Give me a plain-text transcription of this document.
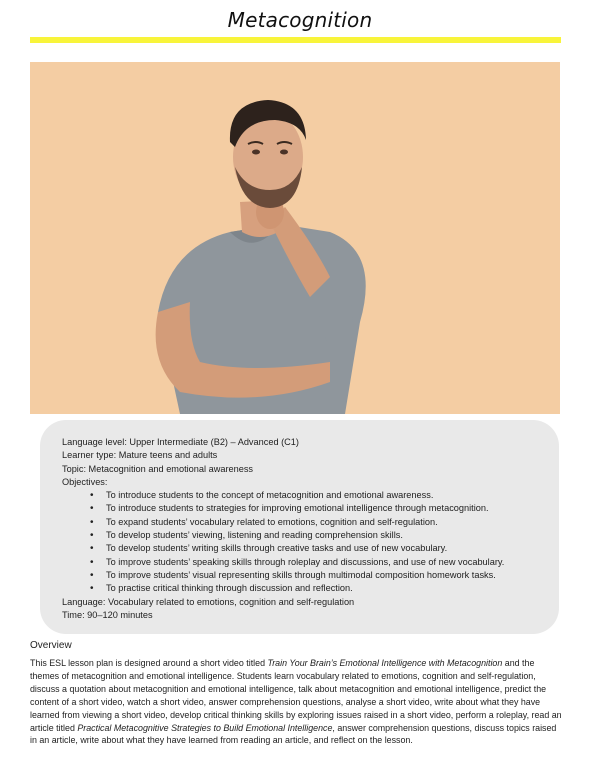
Metacognition
Language level: Upper Intermediate (B2) – Advanced (C1)
Learner type: Mature teens and adults
Topic: Metacognition and emotional awareness
Objectives:
• To introduce students to the concept of metacognition and emotional awareness.
• To introduce students to strategies for improving emotional intelligence through metacognition.
• To expand students’ vocabulary related to emotions, cognition and self-regulation.
• To develop students’ viewing, listening and reading comprehension skills.
• To develop students’ writing skills through creative tasks and use of new vocabulary.
• To improve students’ speaking skills through roleplay and discussions, and use of new vocabulary.
• To improve students’ visual representing skills through multimodal composition homework tasks.
• To practise critical thinking through discussion and reflection.
Language: Vocabulary related to emotions, cognition and self-regulation
Time: 90–120 minutes
Overview

This ESL lesson plan is designed around a short video titled Train Your Brain’s Emotional Intelligence with Metacognition and the themes of metacognition and emotional intelligence. Students learn vocabulary related to emotions, cognition and self-regulation, discuss a quotation about metacognition and emotional intelligence, talk about metacognition and emotional intelligence, predict the content of a short video, watch a short video, answer comprehension questions, analyse a short video, write about what they have learned from viewing a short video, develop critical thinking skills by exploring issues raised in a short video, perform a roleplay, read an article titled Practical Metacognitive Strategies to Build Emotional Intelligence, answer comprehension questions, discuss topics raised in an article, write about what they have learned from reading an article, and reflect on the lesson.
